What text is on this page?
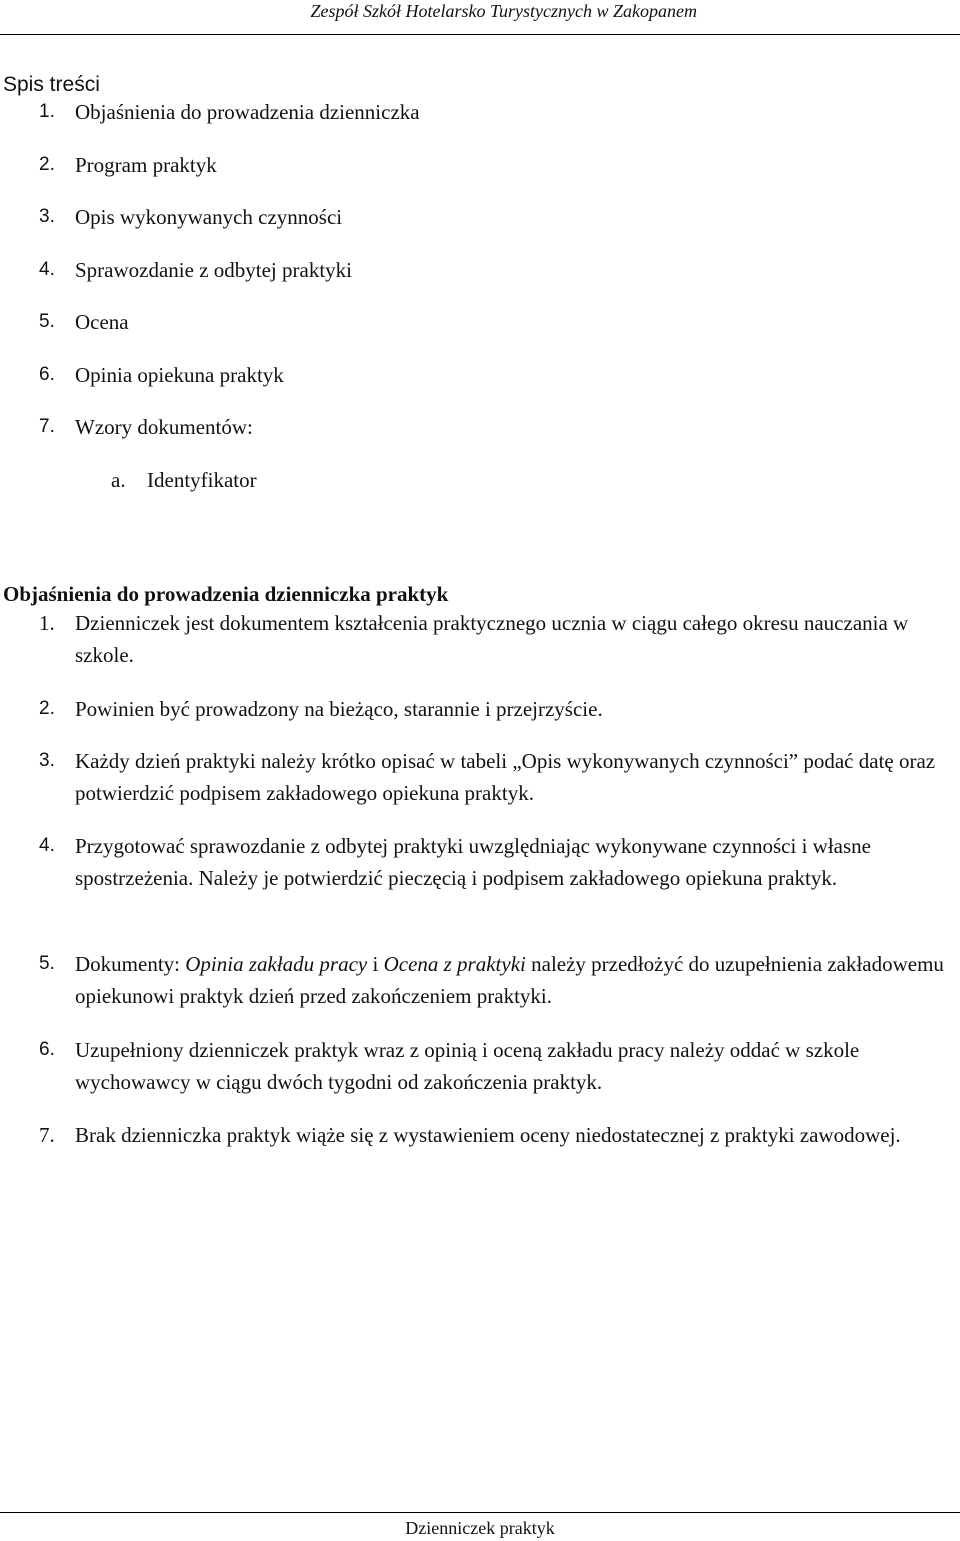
Zespół Szkół Hotelarsko Turystycznych w Zakopanem
Spis treści
1. Objaśnienia do prowadzenia dzienniczka
2. Program praktyk
3. Opis wykonywanych czynności
4. Sprawozdanie z odbytej praktyki
5. Ocena
6. Opinia opiekuna praktyk
7. Wzory dokumentów:
a. Identyfikator
Objaśnienia do prowadzenia dzienniczka praktyk
1. Dzienniczek jest dokumentem kształcenia praktycznego ucznia w ciągu całego okresu nauczania w szkole.
2. Powinien być prowadzony na bieżąco, starannie i przejrzyście.
3. Każdy dzień praktyki należy krótko opisać w tabeli „Opis wykonywanych czynności” podać datę oraz potwierdzić podpisem zakładowego opiekuna praktyk.
4. Przygotować sprawozdanie z odbytej praktyki uwzględniając wykonywane czynności i własne spostrzeżenia. Należy je potwierdzić pieczęcią i podpisem zakładowego opiekuna praktyk.
5. Dokumenty: Opinia zakładu pracy i Ocena z praktyki należy przedłożyć do uzupełnienia zakładowemu opiekunowi praktyk dzień przed zakończeniem praktyki.
6. Uzupełniony dzienniczek praktyk wraz z opinią i oceną zakładu pracy należy oddać w szkole wychowawcy w ciągu dwóch tygodni od zakończenia praktyk.
7. Brak dzienniczka praktyk wiąże się z wystawieniem oceny niedostatecznej z praktyki zawodowej.
Dzienniczek praktyk
